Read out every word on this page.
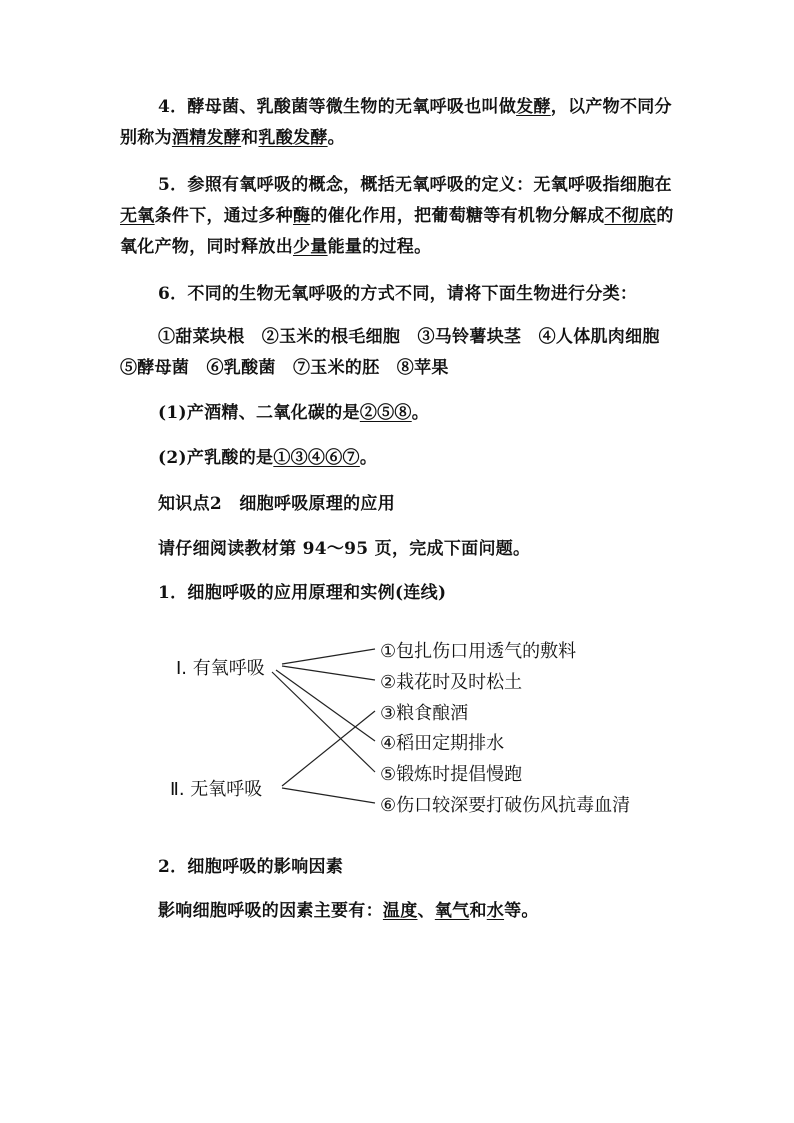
4．酵母菌、乳酸菌等微生物的无氧呼吸也叫做发酵，以产物不同分别称为酒精发酵和乳酸发酵。

5．参照有氧呼吸的概念，概括无氧呼吸的定义：无氧呼吸指细胞在无氧条件下，通过多种酶的催化作用，把葡萄糖等有机物分解成不彻底的氧化产物，同时释放出少量能量的过程。

6．不同的生物无氧呼吸的方式不同，请将下面生物进行分类：

①甜菜块根　②玉米的根毛细胞　③马铃薯块茎　④人体肌肉细胞　⑤酵母菌　⑥乳酸菌　⑦玉米的胚　⑧苹果

(1)产酒精、二氧化碳的是②⑤⑧。

(2)产乳酸的是①③④⑥⑦。

知识点2　细胞呼吸原理的应用

请仔细阅读教材第 94～95 页，完成下面问题。

1．细胞呼吸的应用原理和实例(连线)

Ⅰ. 有氧呼吸
Ⅱ. 无氧呼吸
①包扎伤口用透气的敷料
②栽花时及时松土
③粮食酿酒
④稻田定期排水
⑤锻炼时提倡慢跑
⑥伤口较深要打破伤风抗毒血清

2．细胞呼吸的影响因素

影响细胞呼吸的因素主要有：温度、氧气和水等。
